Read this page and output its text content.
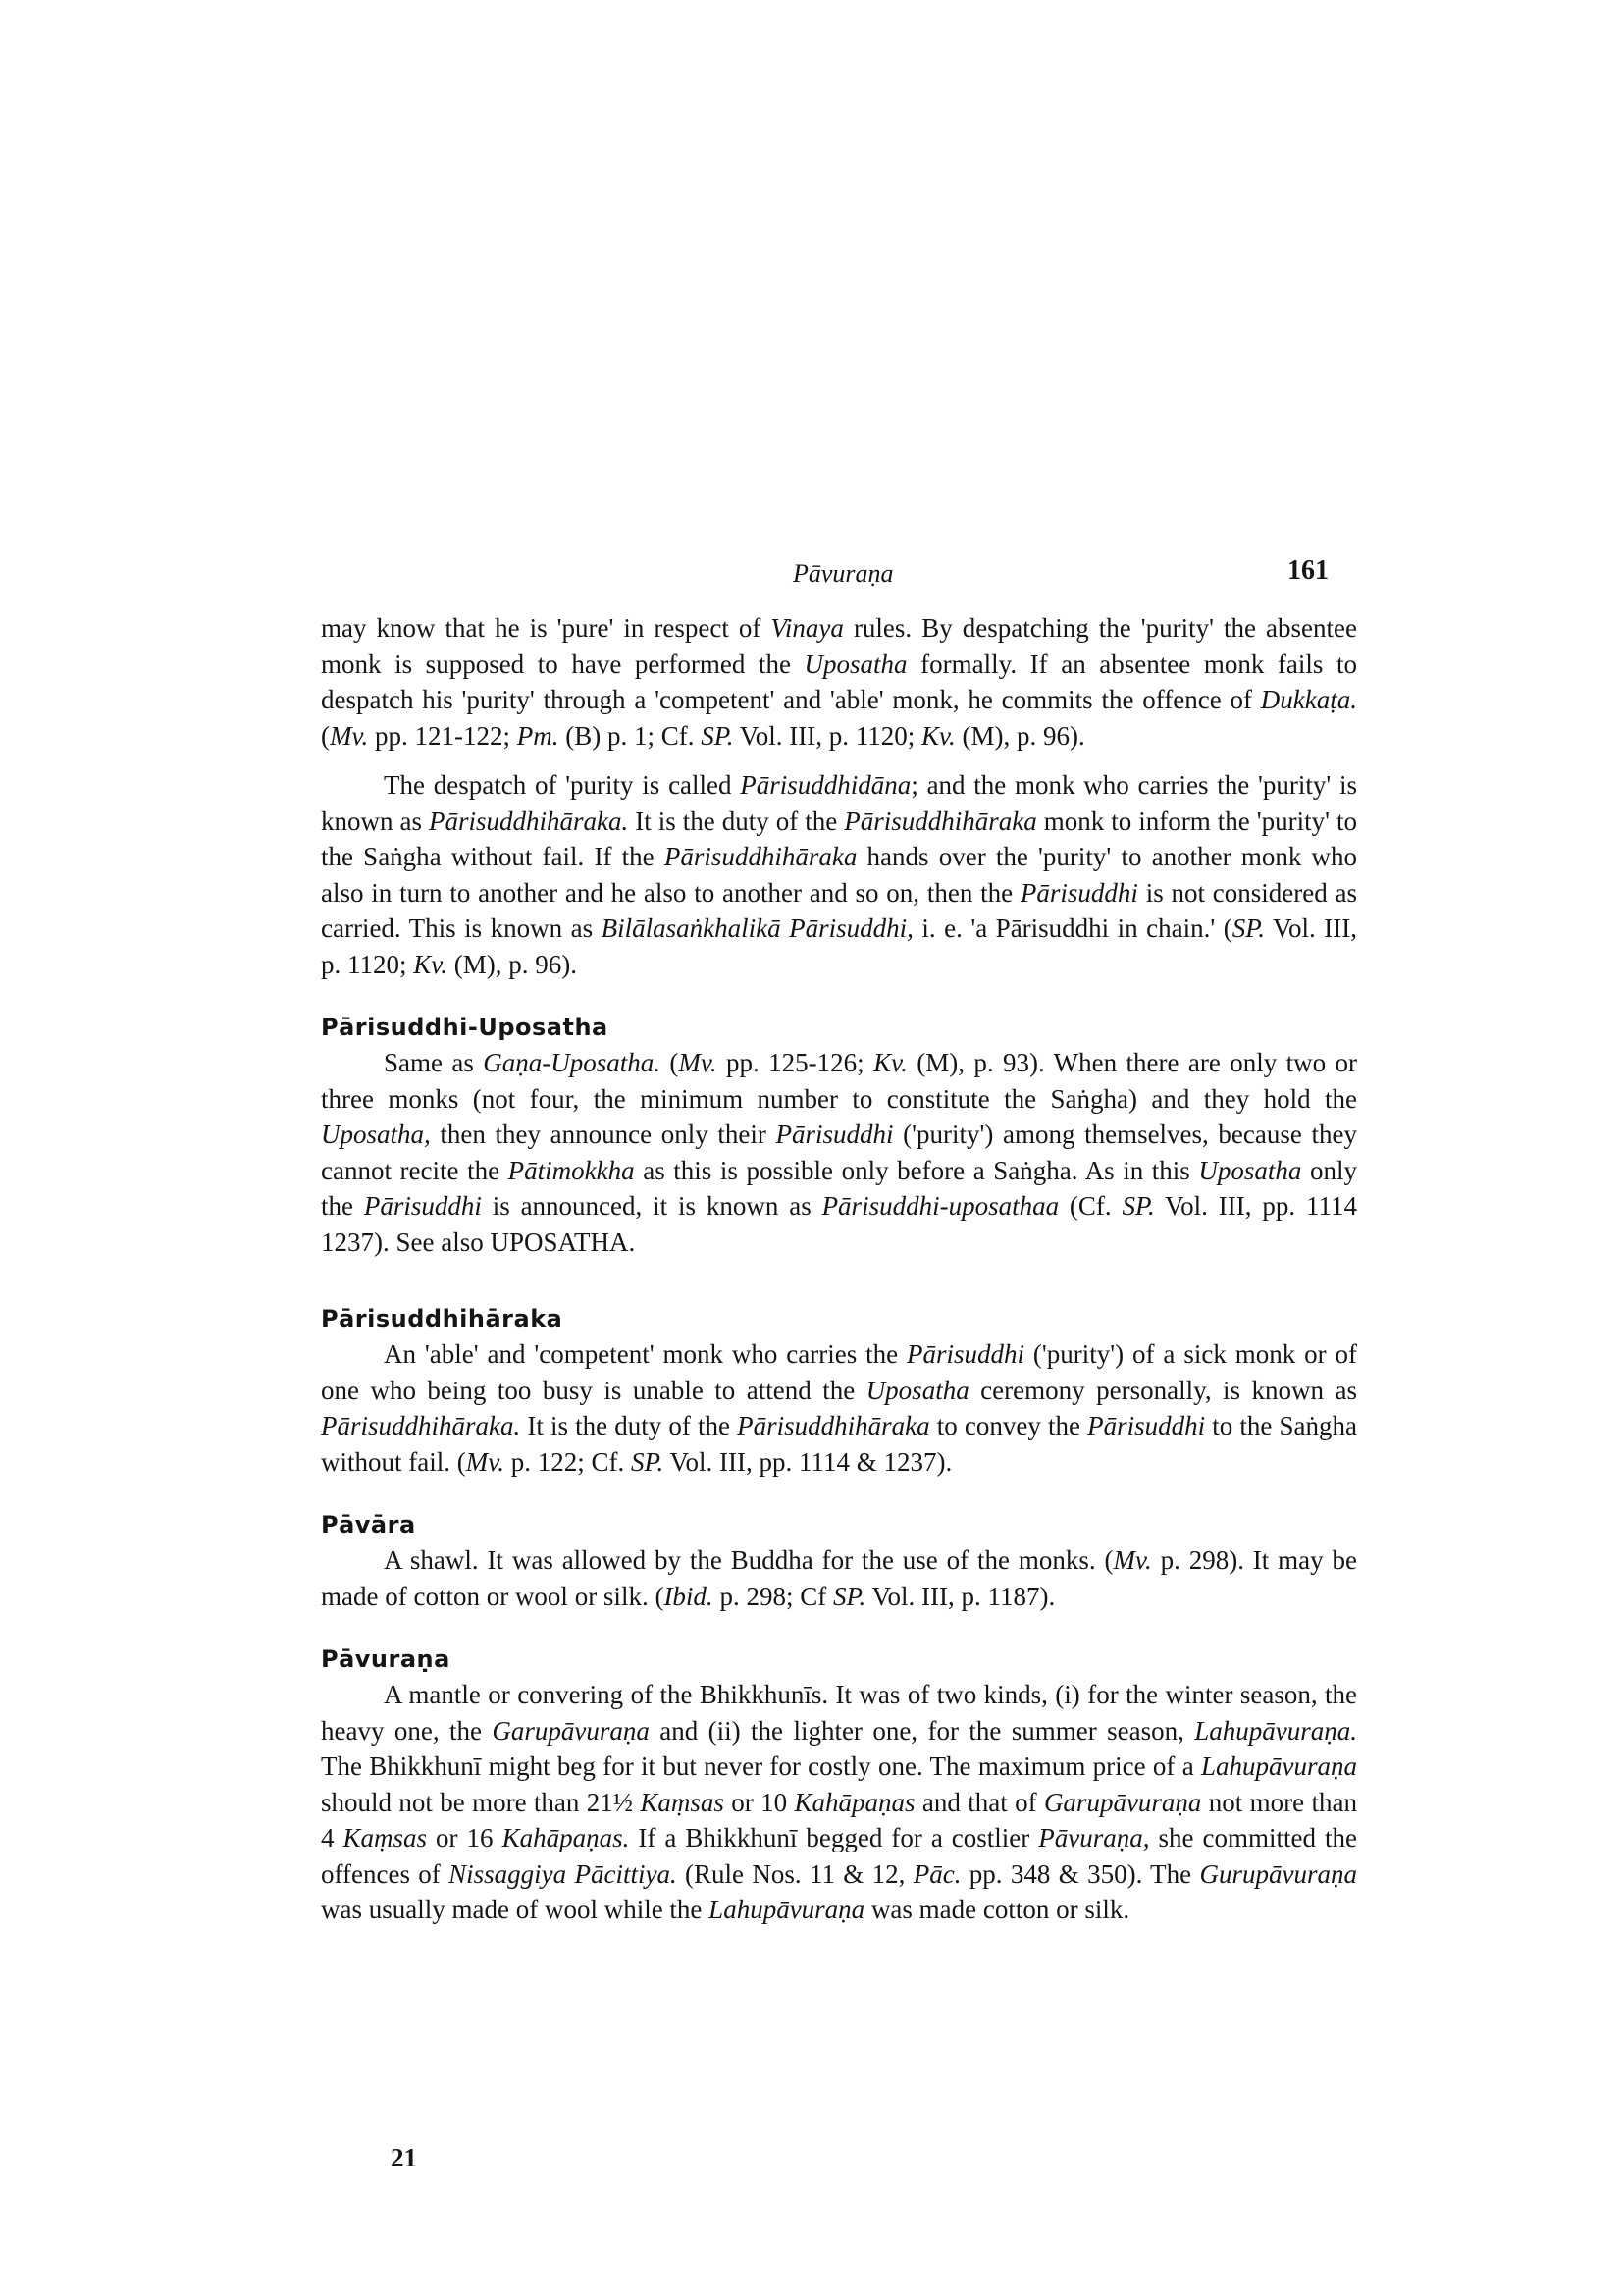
Pāvuraṇa	161

may know that he is 'pure' in respect of Vinaya rules. By despatching the 'purity' the absentee monk is supposed to have performed the Uposatha formally. If an absentee monk fails to despatch his 'purity' through a 'competent' and 'able' monk, he commits the offence of Dukkaṭa. (Mv. pp. 121-122; Pm. (B) p. 1; Cf. SP. Vol. III, p. 1120; Kv. (M), p. 96).

The despatch of 'purity is called Pārisuddhidāna; and the monk who carries the 'purity' is known as Pārisuddhihāraka. It is the duty of the Pārisuddhihāraka monk to inform the 'purity' to the Saṅgha without fail. If the Pārisuddhihāraka hands over the 'purity' to another monk who also in turn to another and he also to another and so on, then the Pārisuddhi is not considered as carried. This is known as Bilālasaṅkhalikā Pārisuddhi, i. e. 'a Pārisuddhi in chain.' (SP. Vol. III, p. 1120; Kv. (M), p. 96).

Pārisuddhi-Uposatha

Same as Gaṇa-Uposatha. (Mv. pp. 125-126; Kv. (M), p. 93). When there are only two or three monks (not four, the minimum number to constitute the Saṅgha) and they hold the Uposatha, then they announce only their Pārisuddhi ('purity') among themselves, because they cannot recite the Pātimokkha as this is possible only before a Saṅgha. As in this Uposatha only the Pārisuddhi is announced, it is known as Pārisuddhi-uposathaa (Cf. SP. Vol. III, pp. 1114 1237). See also UPOSATHA.

Pārisuddhihāraka

An 'able' and 'competent' monk who carries the Pārisuddhi ('purity') of a sick monk or of one who being too busy is unable to attend the Uposatha ceremony personally, is known as Pārisuddhihāraka. It is the duty of the Pārisuddhihāraka to convey the Pārisuddhi to the Saṅgha without fail. (Mv. p. 122; Cf. SP. Vol. III, pp. 1114 & 1237).

Pāvāra

A shawl. It was allowed by the Buddha for the use of the monks. (Mv. p. 298). It may be made of cotton or wool or silk. (Ibid. p. 298; Cf SP. Vol. III, p. 1187).

Pāvuraṇa

A mantle or convering of the Bhikkhunīs. It was of two kinds, (i) for the winter season, the heavy one, the Garupāvuraṇa and (ii) the lighter one, for the summer season, Lahupāvuraṇa. The Bhikkhunī might beg for it but never for costly one. The maximum price of a Lahupāvuraṇa should not be more than 21½ Kaṃsas or 10 Kahāpaṇas and that of Garupāvuraṇa not more than 4 Kaṃsas or 16 Kahāpaṇas. If a Bhikkhunī begged for a costlier Pāvuraṇa, she committed the offences of Nissaggiya Pācittiya. (Rule Nos. 11 & 12, Pāc. pp. 348 & 350). The Gurupāvuraṇa was usually made of wool while the Lahupāvuraṇa was made cotton or silk.

21
